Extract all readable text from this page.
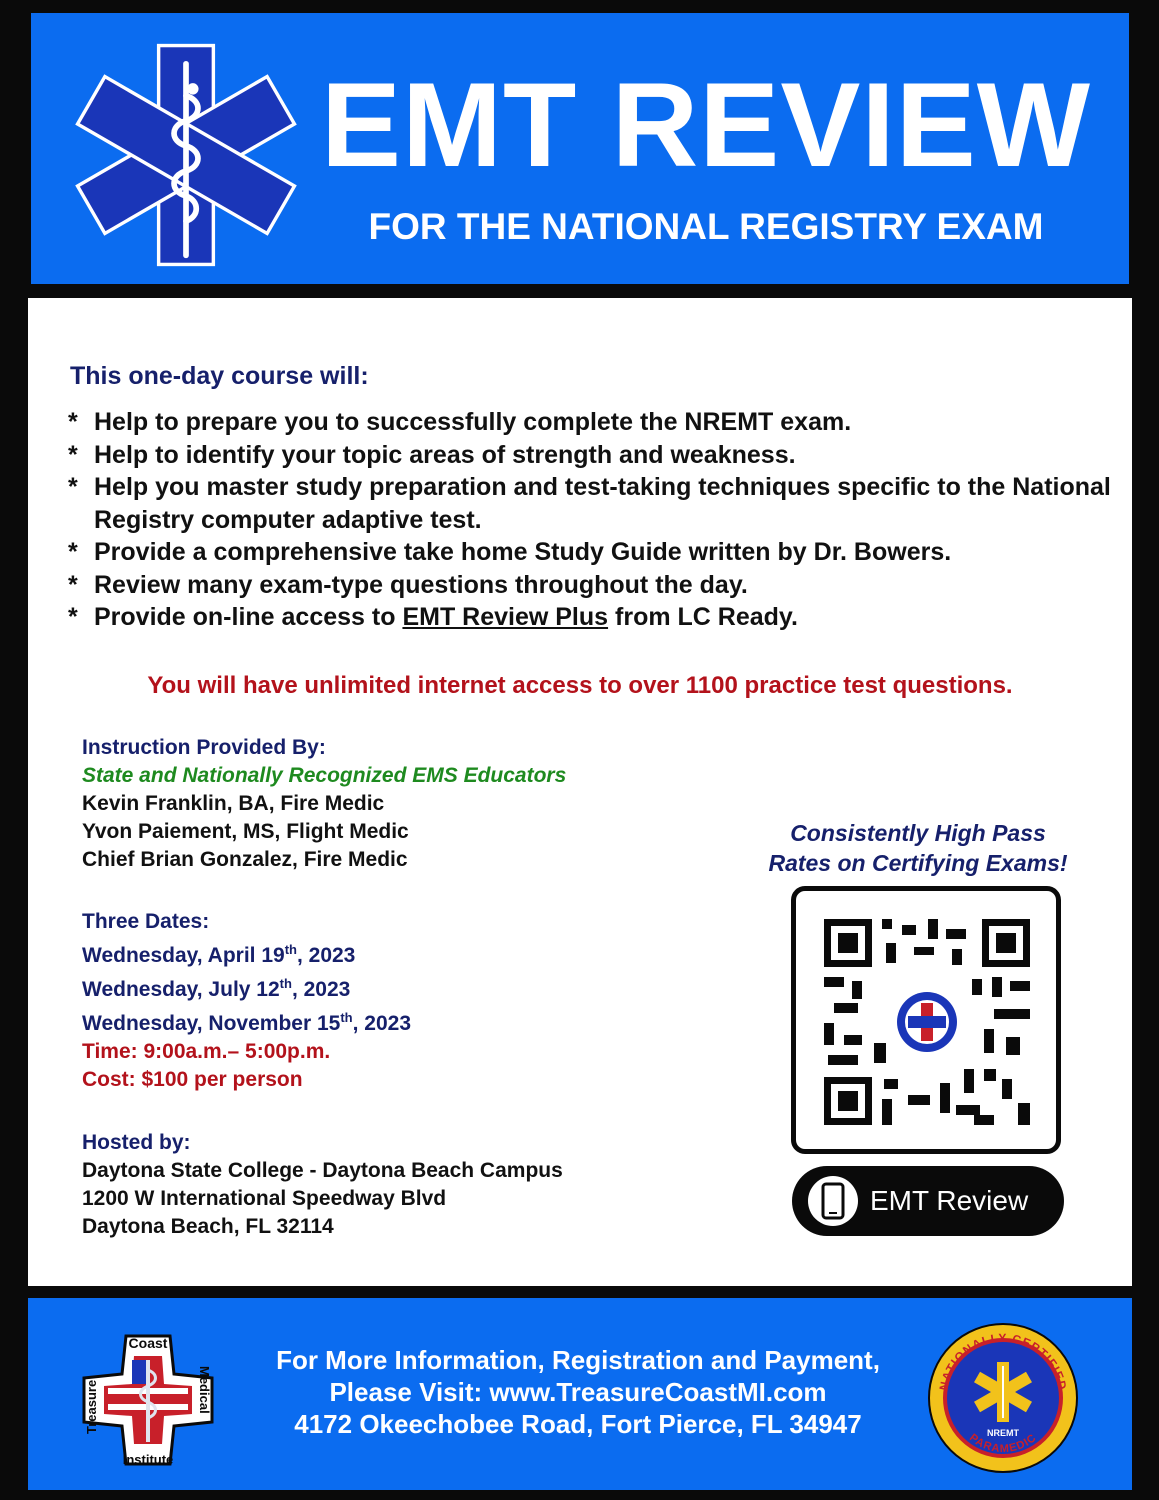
EMT REVIEW
FOR THE NATIONAL REGISTRY EXAM
This one-day course will:
* Help to prepare you to successfully complete the NREMT exam.
* Help to identify your topic areas of strength and weakness.
* Help you master study preparation and test-taking techniques specific to the National Registry computer adaptive test.
* Provide a comprehensive take home Study Guide written by Dr. Bowers.
* Review many exam-type questions throughout the day.
* Provide on-line access to EMT Review Plus from LC Ready.
You will have unlimited internet access to over 1100 practice test questions.
Instruction Provided By:
State and Nationally Recognized EMS Educators
Kevin Franklin, BA, Fire Medic
Yvon Paiement, MS, Flight Medic
Chief Brian Gonzalez, Fire Medic
Three Dates:
Wednesday, April 19th, 2023
Wednesday, July 12th, 2023
Wednesday, November 15th, 2023
Time: 9:00a.m.– 5:00p.m.
Cost: $100 per person
Hosted by:
Daytona State College - Daytona Beach Campus
1200 W International Speedway Blvd
Daytona Beach, FL 32114
Consistently High Pass
Rates on Certifying Exams!
EMT Review
Coast
Institute
Treasure	Medical
For More Information, Registration and Payment,
Please Visit: www.TreasureCoastMI.com
4172 Okeechobee Road, Fort Pierce, FL 34947
NATIONALLY CERTIFIED
NREMT
PARAMEDIC
